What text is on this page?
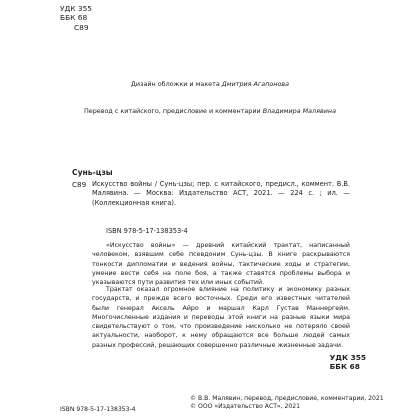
УДК 355
ББК 68
С89
Дизайн обложки и макета Дмитрия Агапонова
Перевод с китайского, предисловие и комментарии Владимира Малявина
Сунь-цзы
С89 Искусство войны / Сунь-цзы; пер. с китайского, предисл., коммент. В.В. Малявина. — Москва: Издательство АСТ, 2021. — 224 с. ; ил. — (Коллекционная книга).
ISBN 978-5-17-138353-4
«Искусство войны» — древний китайский трактат, написанный человеком, взявшим себе псевдоним Сунь-цзы. В книге раскрываются тонкости дипломатии и ведения войны, тактические ходы и стратегии, умение вести себя на поле боя, а также ставятся проблемы выбора и указываются пути развития тех или иных событий.
Трактат оказал огромное влияние на политику и экономику разных государств, и прежде всего восточных. Среди его известных читателей были генерал Аксель Айро и маршал Карл Густав Маннергейм. Многочисленные издания и переводы этой книги на разные языки мира свидетельствуют о том, что произведение нисколько не потеряло своей актуальности, наоборот, к нему обращаются все больше людей самых разных профессий, решающих совершенно различные жизненные задачи.
УДК 355
ББК 68
ISBN 978-5-17-138353-4
© В.В. Малявин, перевод, предисловие, комментарии, 2021
© ООО «Издательство АСТ», 2021
